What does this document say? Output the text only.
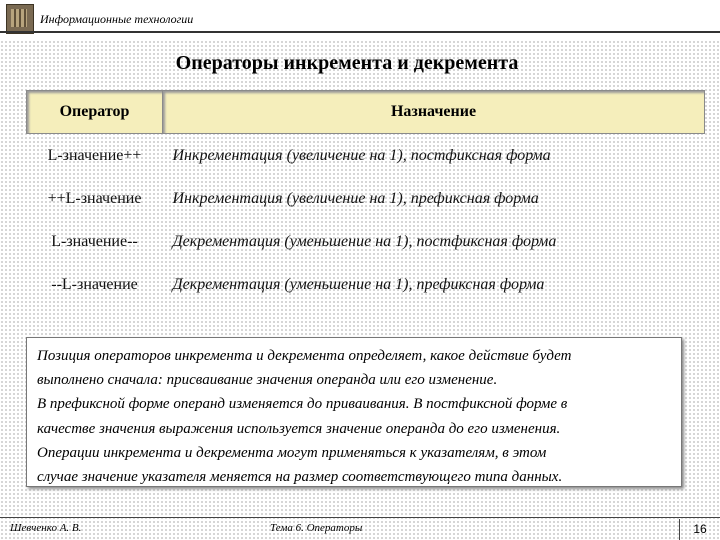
Информационные технологии
Операторы инкремента и декремента
Оператор	Назначение
L-значение++	Инкрементация (увеличение на 1), постфиксная форма
++L-значение	Инкрементация (увеличение на 1), префиксная форма
L-значение--	Декрементация (уменьшение на 1), постфиксная форма
--L-значение	Декрементация (уменьшение на 1), префиксная форма

Позиция операторов инкремента и декремента определяет, какое действие будет

выполнено сначала: присваивание значения операнда или его изменение.

В префиксной форме операнд изменяется до привaивания. В постфиксной форме в

качестве значения выражения используется значение операнда до его изменения.

Операции инкремента и декремента могут применяться к указателям, в этом

случае значение указателя меняется на размер соответствующего типа данных.

Шевченко А. В.	Тема 6. Операторы	16
